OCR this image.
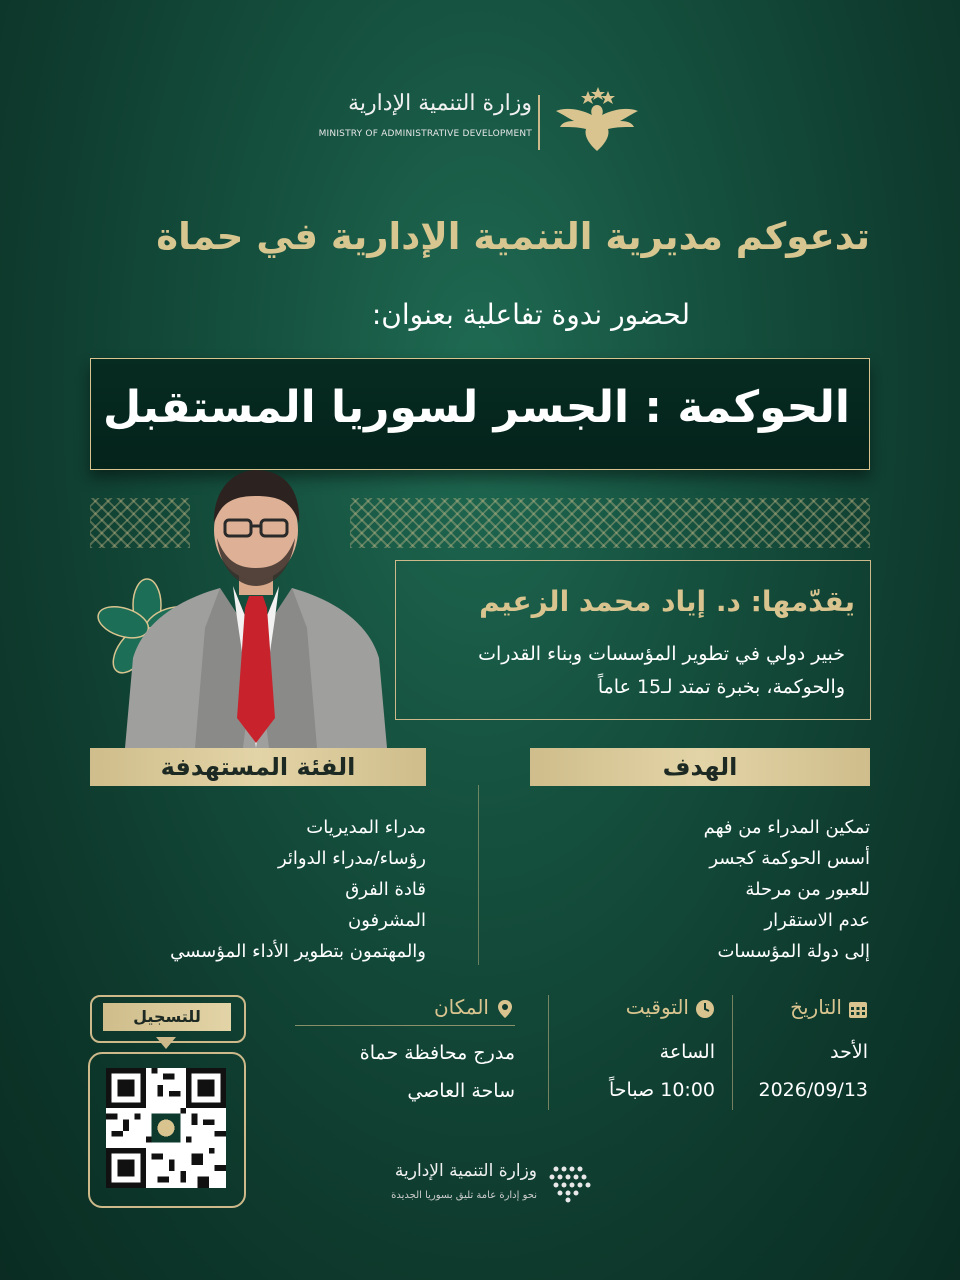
وزارة التنمية الإدارية
MINISTRY OF ADMINISTRATIVE DEVELOPMENT
تدعوكم مديرية التنمية الإدارية في حماة
لحضور ندوة تفاعلية بعنوان:
الحوكمة : الجسر لسوريا المستقبل
يقدّمها: د. إياد محمد الزعيم
خبير دولي في تطوير المؤسسات وبناء القدرات
والحوكمة، بخبرة تمتد لـ15 عاماً
الهدف
الفئة المستهدفة
تمكين المدراء من فهم
أسس الحوكمة كجسر
للعبور من مرحلة
عدم الاستقرار
إلى دولة المؤسسات
مدراء المديريات
رؤساء/مدراء الدوائر
قادة الفرق
المشرفون
والمهتمون بتطوير الأداء المؤسسي
التاريخ
الأحد
2026/09/13
التوقيت
الساعة
10:00 صباحاً
المكان
مدرج محافظة حماة
ساحة العاصي
للتسجيل
وزارة التنمية الإدارية
نحو إدارة عامة تليق بسوريا الجديدة
